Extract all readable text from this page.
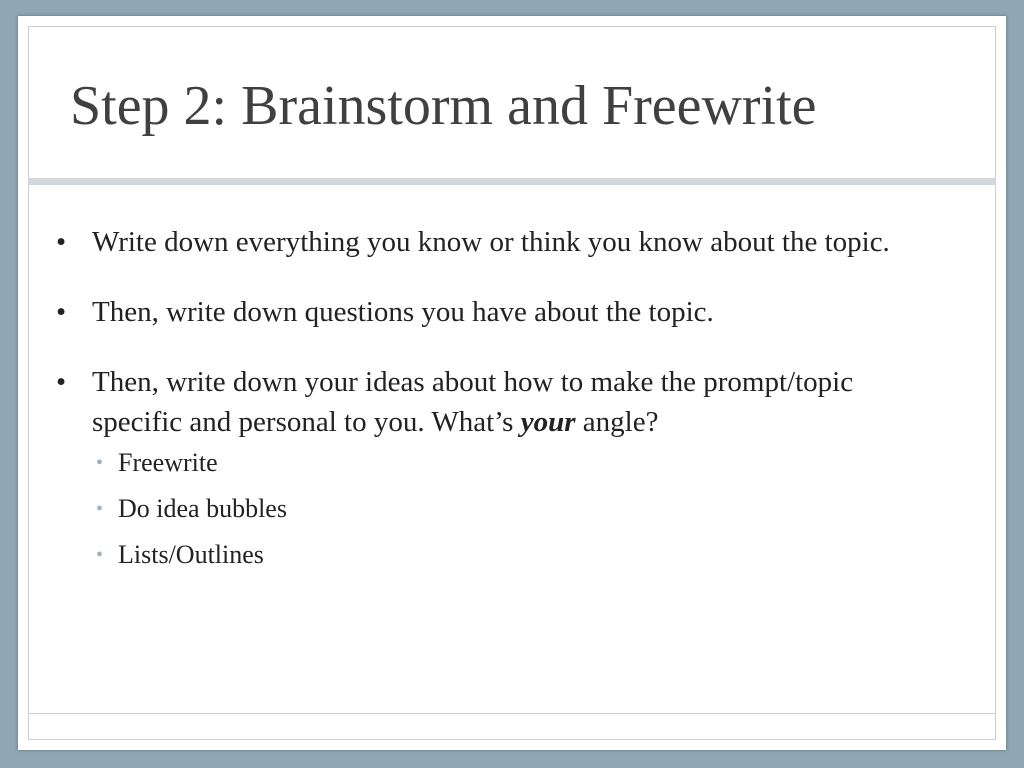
Step 2: Brainstorm and Freewrite
• Write down everything you know or think you know about the topic.
• Then, write down questions you have about the topic.
• Then, write down your ideas about how to make the prompt/topic specific and personal to you. What’s your angle?
• Freewrite
• Do idea bubbles
• Lists/Outlines
